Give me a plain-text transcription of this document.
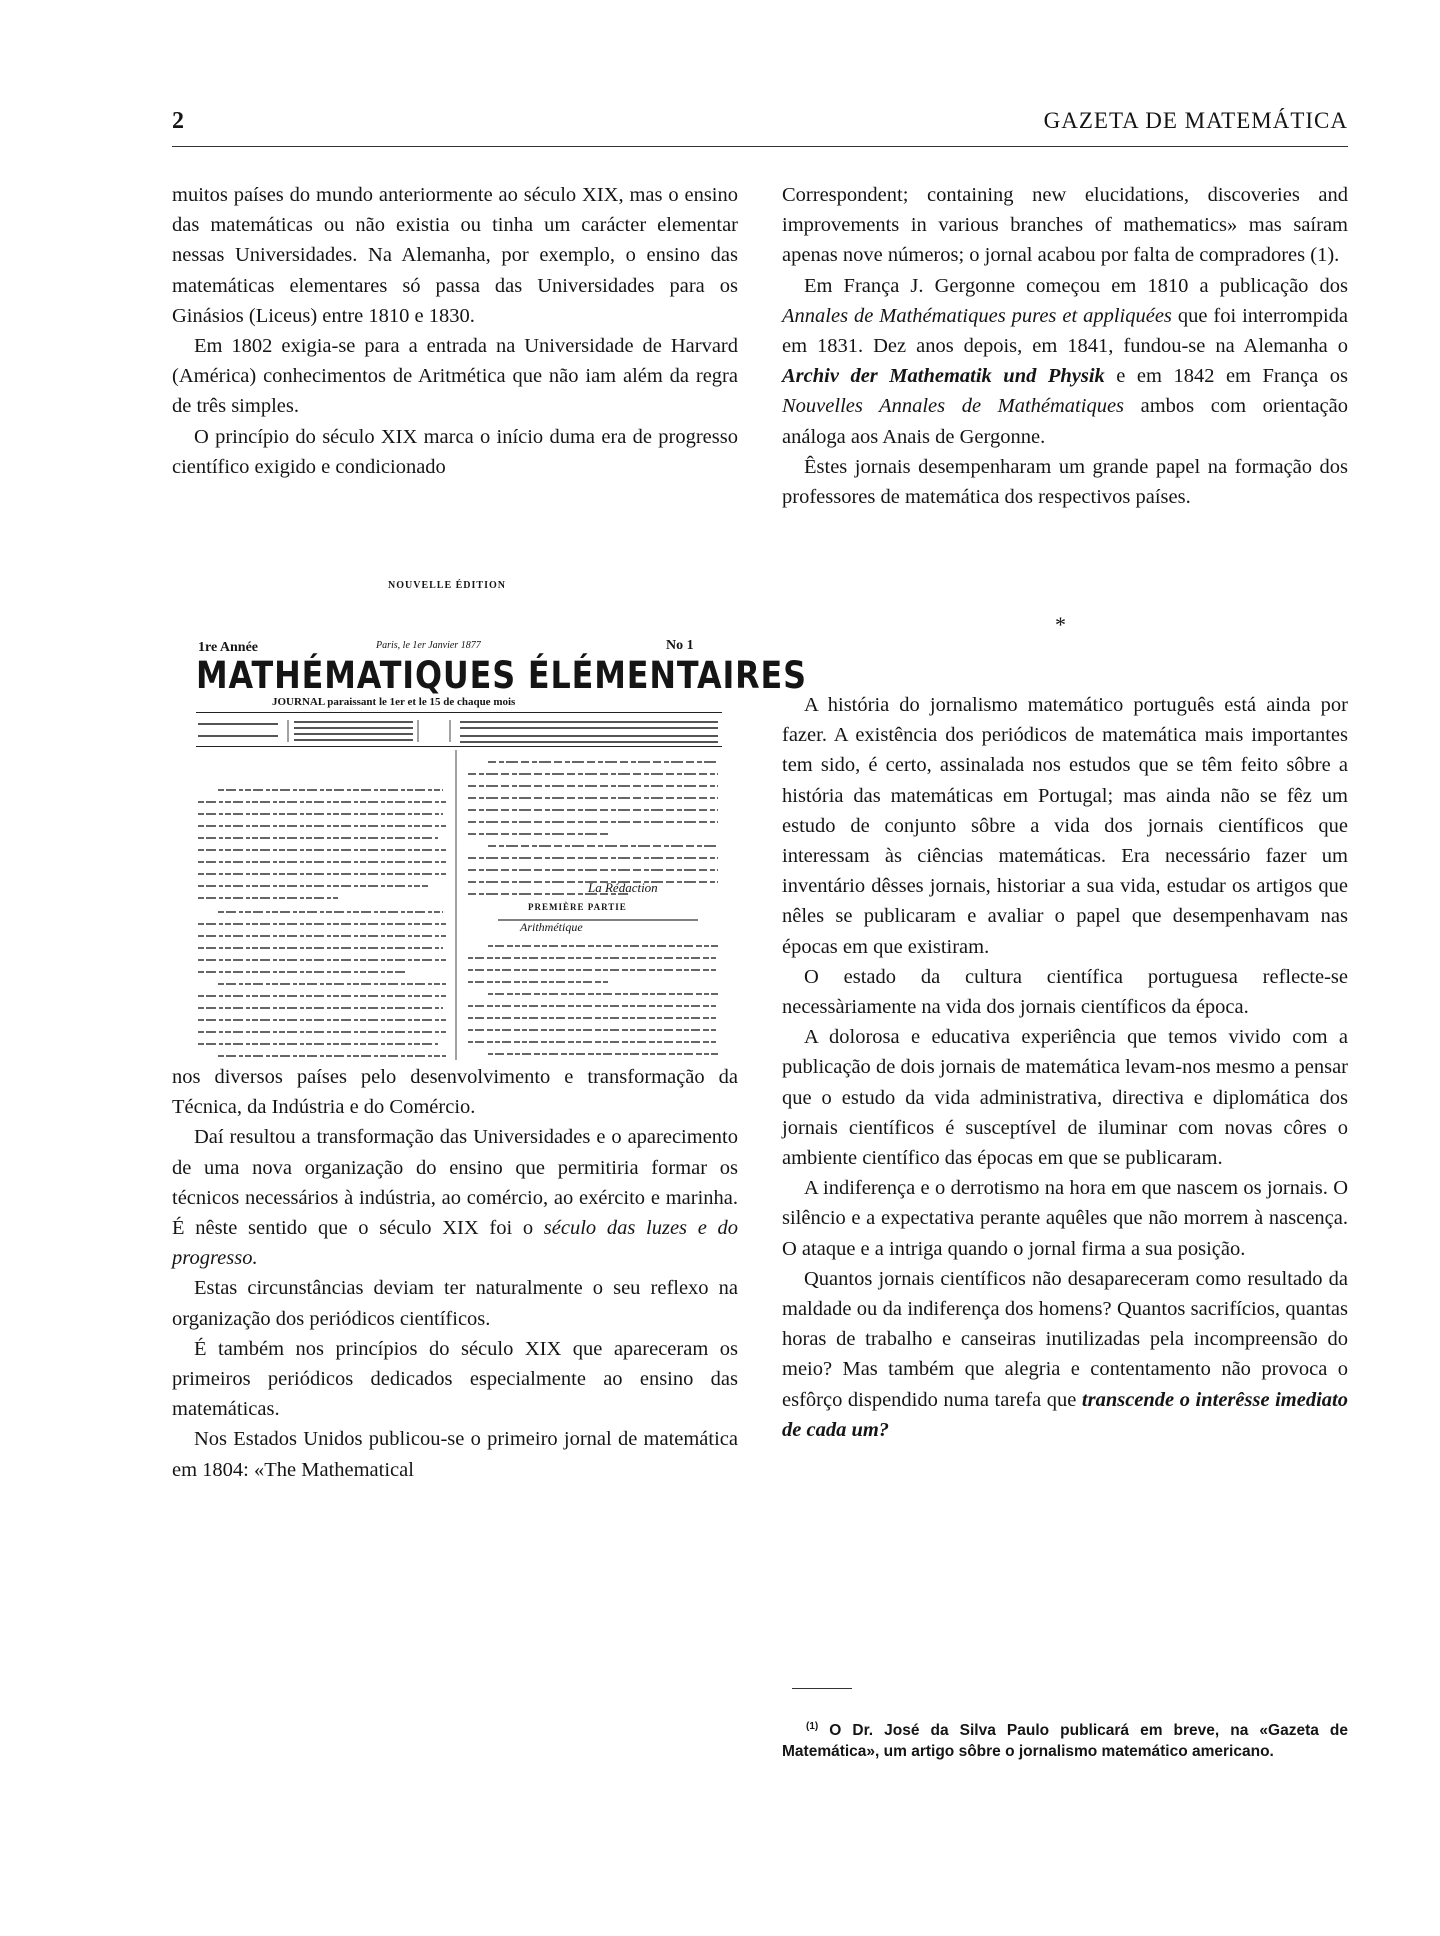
2	GAZETA DE MATEMÁTICA

muitos países do mundo anteriormente ao século XIX, mas o ensino das matemáticas ou não existia ou tinha um carácter elementar nessas Universidades. Na Alemanha, por exemplo, o ensino das matemáticas elementares só passa das Universidades para os Ginásios (Liceus) entre 1810 e 1830.

Em 1802 exigia-se para a entrada na Universidade de Harvard (América) conhecimentos de Aritmética que não iam além da regra de três simples.

O princípio do século XIX marca o início duma era de progresso científico exigido e condicionado

NOUVELLE ÉDITION
1re Année	Paris, le 1er Janvier 1877	No 1
MATHÉMATIQUES ÉLÉMENTAIRES
JOURNAL paraissant le 1er et le 15 de chaque mois
La Rédaction
PREMIÈRE PARTIE
Arithmétique

nos diversos países pelo desenvolvimento e transformação da Técnica, da Indústria e do Comércio.

Daí resultou a transformação das Universidades e o aparecimento de uma nova organização do ensino que permitiria formar os técnicos necessários à indústria, ao comércio, ao exército e marinha. É nêste sentido que o século XIX foi o século das luzes e do progresso.

Estas circunstâncias deviam ter naturalmente o seu reflexo na organização dos periódicos científicos.

É também nos princípios do século XIX que apareceram os primeiros periódicos dedicados especialmente ao ensino das matemáticas.

Nos Estados Unidos publicou-se o primeiro jornal de matemática em 1804: «The Mathematical

Correspondent; containing new elucidations, discoveries and improvements in various branches of mathematics» mas saíram apenas nove números; o jornal acabou por falta de compradores (1).

Em França J. Gergonne começou em 1810 a publicação dos Annales de Mathématiques pures et appliquées que foi interrompida em 1831. Dez anos depois, em 1841, fundou-se na Alemanha o Archiv der Mathematik und Physik e em 1842 em França os Nouvelles Annales de Mathématiques ambos com orientação análoga aos Anais de Gergonne.

Êstes jornais desempenharam um grande papel na formação dos professores de matemática dos respectivos países.

*

A história do jornalismo matemático português está ainda por fazer. A existência dos periódicos de matemática mais importantes tem sido, é certo, assinalada nos estudos que se têm feito sôbre a história das matemáticas em Portugal; mas ainda não se fêz um estudo de conjunto sôbre a vida dos jornais científicos que interessam às ciências matemáticas. Era necessário fazer um inventário dêsses jornais, historiar a sua vida, estudar os artigos que nêles se publicaram e avaliar o papel que desempenhavam nas épocas em que existiram.

O estado da cultura científica portuguesa reflecte-se necessàriamente na vida dos jornais científicos da época.

A dolorosa e educativa experiência que temos vivido com a publicação de dois jornais de matemática levam-nos mesmo a pensar que o estudo da vida administrativa, directiva e diplomática dos jornais científicos é susceptível de iluminar com novas côres o ambiente científico das épocas em que se publicaram.

A indiferença e o derrotismo na hora em que nascem os jornais. O silêncio e a expectativa perante aquêles que não morrem à nascença. O ataque e a intriga quando o jornal firma a sua posição.

Quantos jornais científicos não desapareceram como resultado da maldade ou da indiferença dos homens? Quantos sacrifícios, quantas horas de trabalho e canseiras inutilizadas pela incompreensão do meio? Mas também que alegria e contentamento não provoca o esfôrço dispendido numa tarefa que transcende o interêsse imediato de cada um?

$^{(1)}$ O Dr. José da Silva Paulo publicará em breve, na «Gazeta de Matemática», um artigo sôbre o jornalismo matemático americano.
